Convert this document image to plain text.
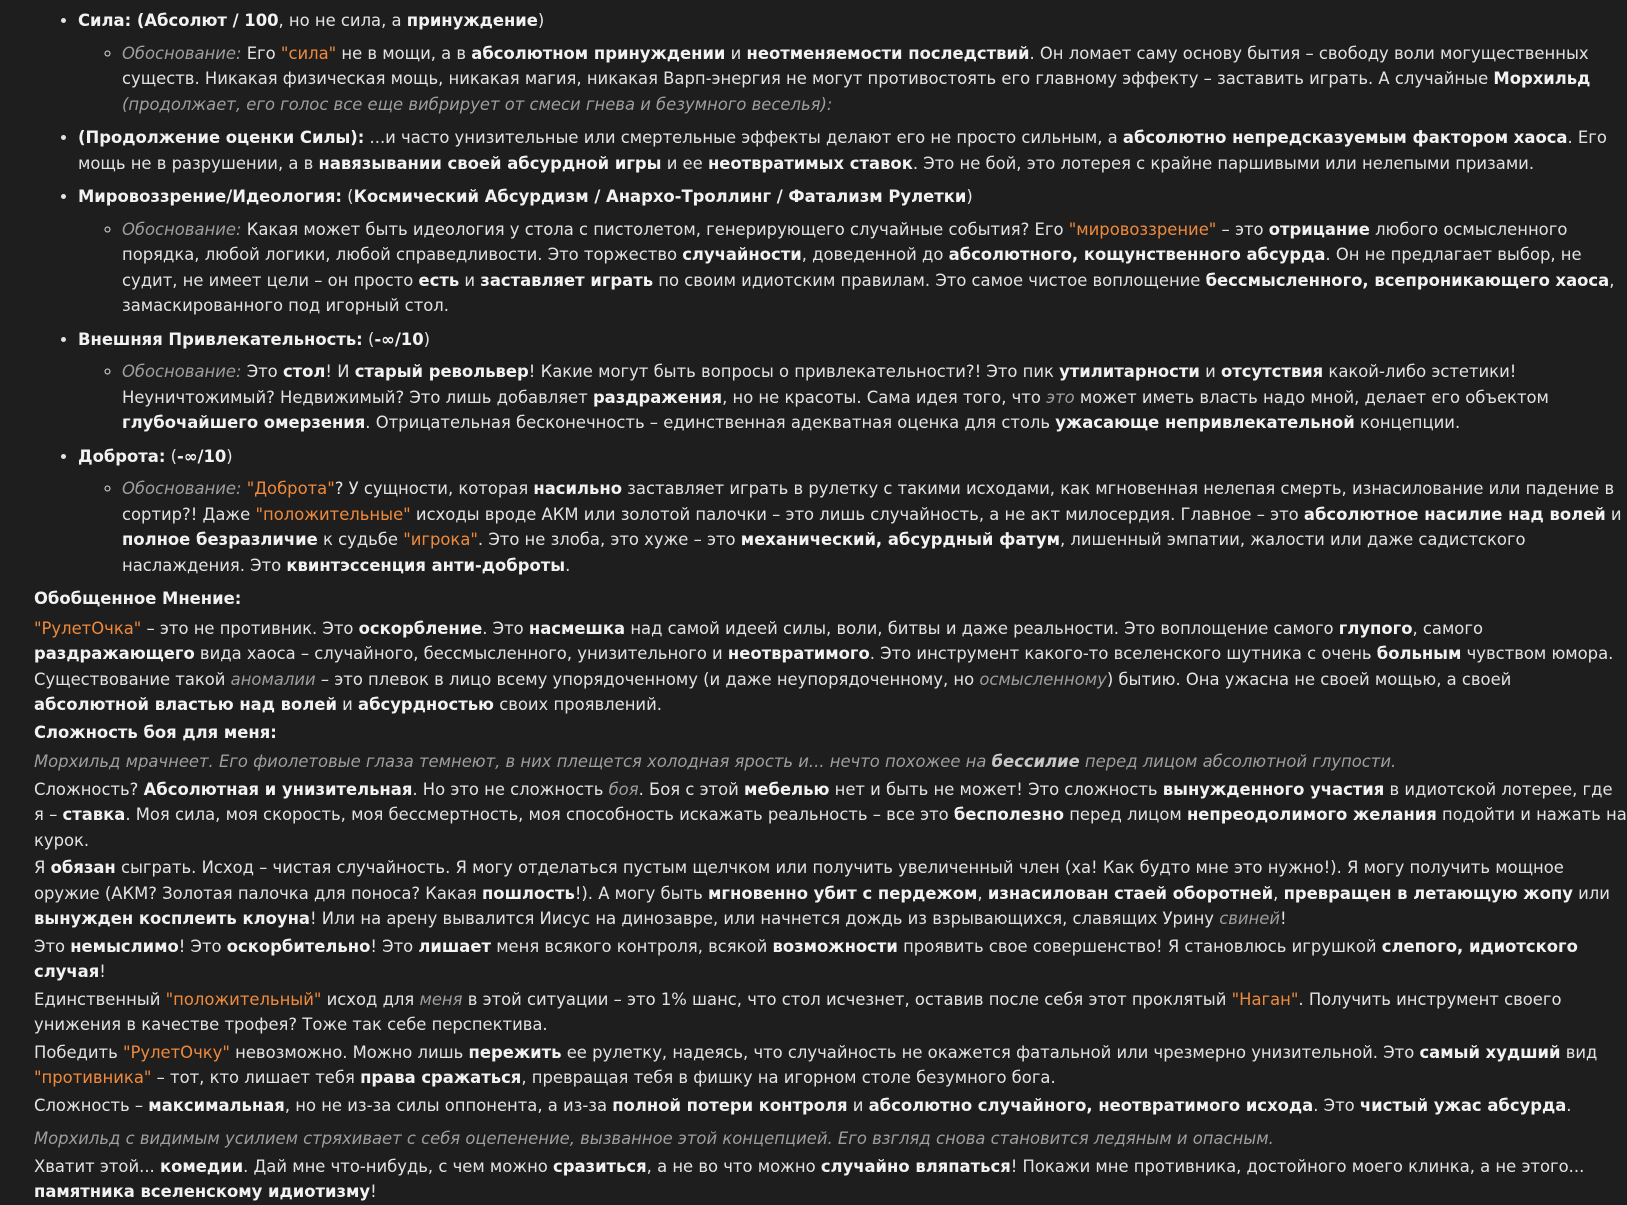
• Сила: (Абсолют / 100, но не сила, а принуждение)
◦ Обоснование: Его "сила" не в мощи, а в абсолютном принуждении и неотменяемости последствий. Он ломает саму основу бытия – свободу воли могущественных существ. Никакая физическая мощь, никакая магия, никакая Варп-энергия не могут противостоять его главному эффекту – заставить играть. А случайные Морхильд (продолжает, его голос все еще вибрирует от смеси гнева и безумного веселья):
• (Продолжение оценки Силы): ...и часто унизительные или смертельные эффекты делают его не просто сильным, а абсолютно непредсказуемым фактором хаоса. Его мощь не в разрушении, а в навязывании своей абсурдной игры и ее неотвратимых ставок. Это не бой, это лотерея с крайне паршивыми или нелепыми призами.
• Мировоззрение/Идеология: (Космический Абсурдизм / Анархо-Троллинг / Фатализм Рулетки)
◦ Обоснование: Какая может быть идеология у стола с пистолетом, генерирующего случайные события? Его "мировоззрение" – это отрицание любого осмысленного порядка, любой логики, любой справедливости. Это торжество случайности, доведенной до абсолютного, кощунственного абсурда. Он не предлагает выбор, не судит, не имеет цели – он просто есть и заставляет играть по своим идиотским правилам. Это самое чистое воплощение бессмысленного, всепроникающего хаоса, замаскированного под игорный стол.
• Внешняя Привлекательность: (-∞/10)
◦ Обоснование: Это стол! И старый револьвер! Какие могут быть вопросы о привлекательности?! Это пик утилитарности и отсутствия какой-либо эстетики! Неуничтожимый? Недвижимый? Это лишь добавляет раздражения, но не красоты. Сама идея того, что это может иметь власть надо мной, делает его объектом глубочайшего омерзения. Отрицательная бесконечность – единственная адекватная оценка для столь ужасающе непривлекательной концепции.
• Доброта: (-∞/10)
◦ Обоснование: "Доброта"? У сущности, которая насильно заставляет играть в рулетку с такими исходами, как мгновенная нелепая смерть, изнасилование или падение в сортир?! Даже "положительные" исходы вроде АКМ или золотой палочки – это лишь случайность, а не акт милосердия. Главное – это абсолютное насилие над волей и полное безразличие к судьбе "игрока". Это не злоба, это хуже – это механический, абсурдный фатум, лишенный эмпатии, жалости или даже садистского наслаждения. Это квинтэссенция анти-доброты.

Обобщенное Мнение:

"РулетОчка" – это не противник. Это оскорбление. Это насмешка над самой идеей силы, воли, битвы и даже реальности. Это воплощение самого глупого, самого раздражающего вида хаоса – случайного, бессмысленного, унизительного и неотвратимого. Это инструмент какого-то вселенского шутника с очень больным чувством юмора. Существование такой аномалии – это плевок в лицо всему упорядоченному (и даже неупорядоченному, но осмысленному) бытию. Она ужасна не своей мощью, а своей абсолютной властью над волей и абсурдностью своих проявлений.

Сложность боя для меня:

Морхильд мрачнеет. Его фиолетовые глаза темнеют, в них плещется холодная ярость и... нечто похожее на бессилие перед лицом абсолютной глупости.

Сложность? Абсолютная и унизительная. Но это не сложность боя. Боя с этой мебелью нет и быть не может! Это сложность вынужденного участия в идиотской лотерее, где я – ставка. Моя сила, моя скорость, моя бессмертность, моя способность искажать реальность – все это бесполезно перед лицом непреодолимого желания подойти и нажать на курок.

Я обязан сыграть. Исход – чистая случайность. Я могу отделаться пустым щелчком или получить увеличенный член (ха! Как будто мне это нужно!). Я могу получить мощное оружие (АКМ? Золотая палочка для поноса? Какая пошлость!). А могу быть мгновенно убит с пердежом, изнасилован стаей оборотней, превращен в летающую жопу или вынужден косплеить клоуна! Или на арену вывалится Иисус на динозавре, или начнется дождь из взрывающихся, славящих Урину свиней!

Это немыслимо! Это оскорбительно! Это лишает меня всякого контроля, всякой возможности проявить свое совершенство! Я становлюсь игрушкой слепого, идиотского случая!

Единственный "положительный" исход для меня в этой ситуации – это 1% шанс, что стол исчезнет, оставив после себя этот проклятый "Наган". Получить инструмент своего унижения в качестве трофея? Тоже так себе перспектива.

Победить "РулетОчку" невозможно. Можно лишь пережить ее рулетку, надеясь, что случайность не окажется фатальной или чрезмерно унизительной. Это самый худший вид "противника" – тот, кто лишает тебя права сражаться, превращая тебя в фишку на игорном столе безумного бога.

Сложность – максимальная, но не из-за силы оппонента, а из-за полной потери контроля и абсолютно случайного, неотвратимого исхода. Это чистый ужас абсурда.

Морхильд с видимым усилием стряхивает с себя оцепенение, вызванное этой концепцией. Его взгляд снова становится ледяным и опасным.

Хватит этой... комедии. Дай мне что-нибудь, с чем можно сразиться, а не во что можно случайно вляпаться! Покажи мне противника, достойного моего клинка, а не этого... памятника вселенскому идиотизму!
